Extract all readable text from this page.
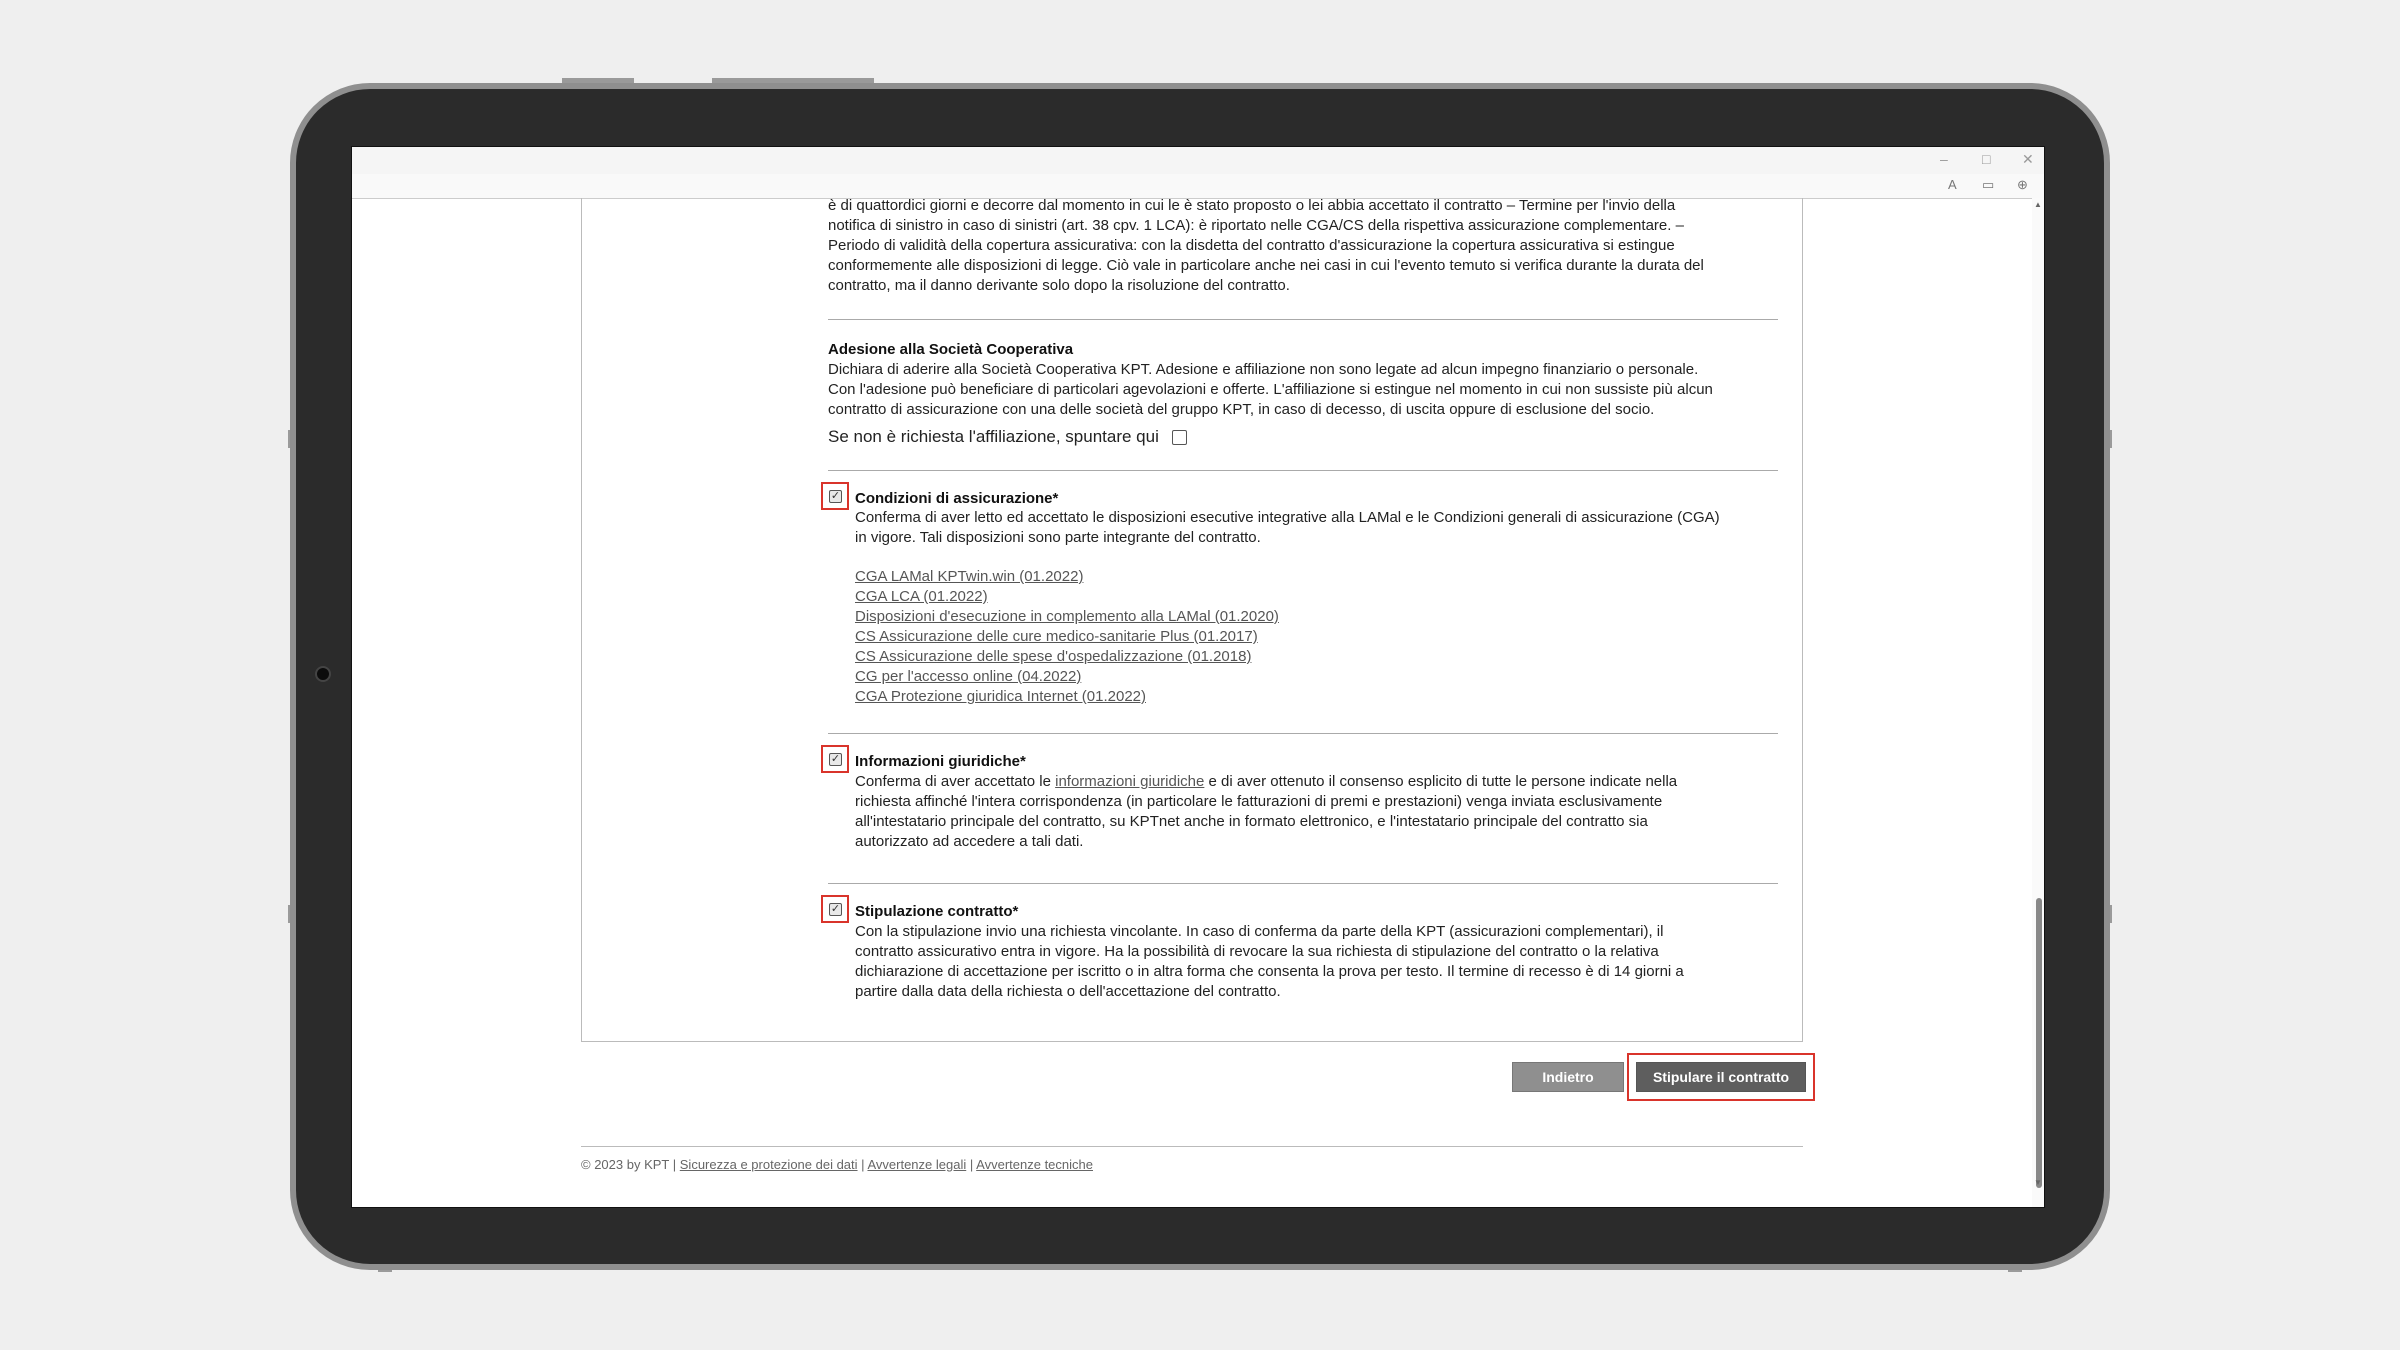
– □ ✕
A ▭ ⊕
è di quattordici giorni e decorre dal momento in cui le è stato proposto o lei abbia accettato il contratto – Termine per l'invio della
notifica di sinistro in caso di sinistri (art. 38 cpv. 1 LCA): è riportato nelle CGA/CS della rispettiva assicurazione complementare. –
Periodo di validità della copertura assicurativa: con la disdetta del contratto d'assicurazione la copertura assicurativa si estingue
conformemente alle disposizioni di legge. Ciò vale in particolare anche nei casi in cui l'evento temuto si verifica durante la durata del
contratto, ma il danno derivante solo dopo la risoluzione del contratto.
Adesione alla Società Cooperativa
Dichiara di aderire alla Società Cooperativa KPT. Adesione e affiliazione non sono legate ad alcun impegno finanziario o personale.
Con l'adesione può beneficiare di particolari agevolazioni e offerte. L'affiliazione si estingue nel momento in cui non sussiste più alcun
contratto di assicurazione con una delle società del gruppo KPT, in caso di decesso, di uscita oppure di esclusione del socio.
Se non è richiesta l'affiliazione, spuntare qui
✓ Condizioni di assicurazione*
Conferma di aver letto ed accettato le disposizioni esecutive integrative alla LAMal e le Condizioni generali di assicurazione (CGA)
in vigore. Tali disposizioni sono parte integrante del contratto.
CGA LAMal KPTwin.win (01.2022)
CGA LCA (01.2022)
Disposizioni d'esecuzione in complemento alla LAMal (01.2020)
CS Assicurazione delle cure medico-sanitarie Plus (01.2017)
CS Assicurazione delle spese d'ospedalizzazione (01.2018)
CG per l'accesso online (04.2022)
CGA Protezione giuridica Internet (01.2022)
✓ Informazioni giuridiche*
Conferma di aver accettato le informazioni giuridiche e di aver ottenuto il consenso esplicito di tutte le persone indicate nella
richiesta affinché l'intera corrispondenza (in particolare le fatturazioni di premi e prestazioni) venga inviata esclusivamente
all'intestatario principale del contratto, su KPTnet anche in formato elettronico, e l'intestatario principale del contratto sia
autorizzato ad accedere a tali dati.
✓ Stipulazione contratto*
Con la stipulazione invio una richiesta vincolante. In caso di conferma da parte della KPT (assicurazioni complementari), il
contratto assicurativo entra in vigore. Ha la possibilità di revocare la sua richiesta di stipulazione del contratto o la relativa
dichiarazione di accettazione per iscritto o in altra forma che consenta la prova per testo. Il termine di recesso è di 14 giorni a
partire dalla data della richiesta o dell'accettazione del contratto.
Indietro	Stipulare il contratto
© 2023 by KPT | Sicurezza e protezione dei dati | Avvertenze legali | Avvertenze tecniche
▲
▼
